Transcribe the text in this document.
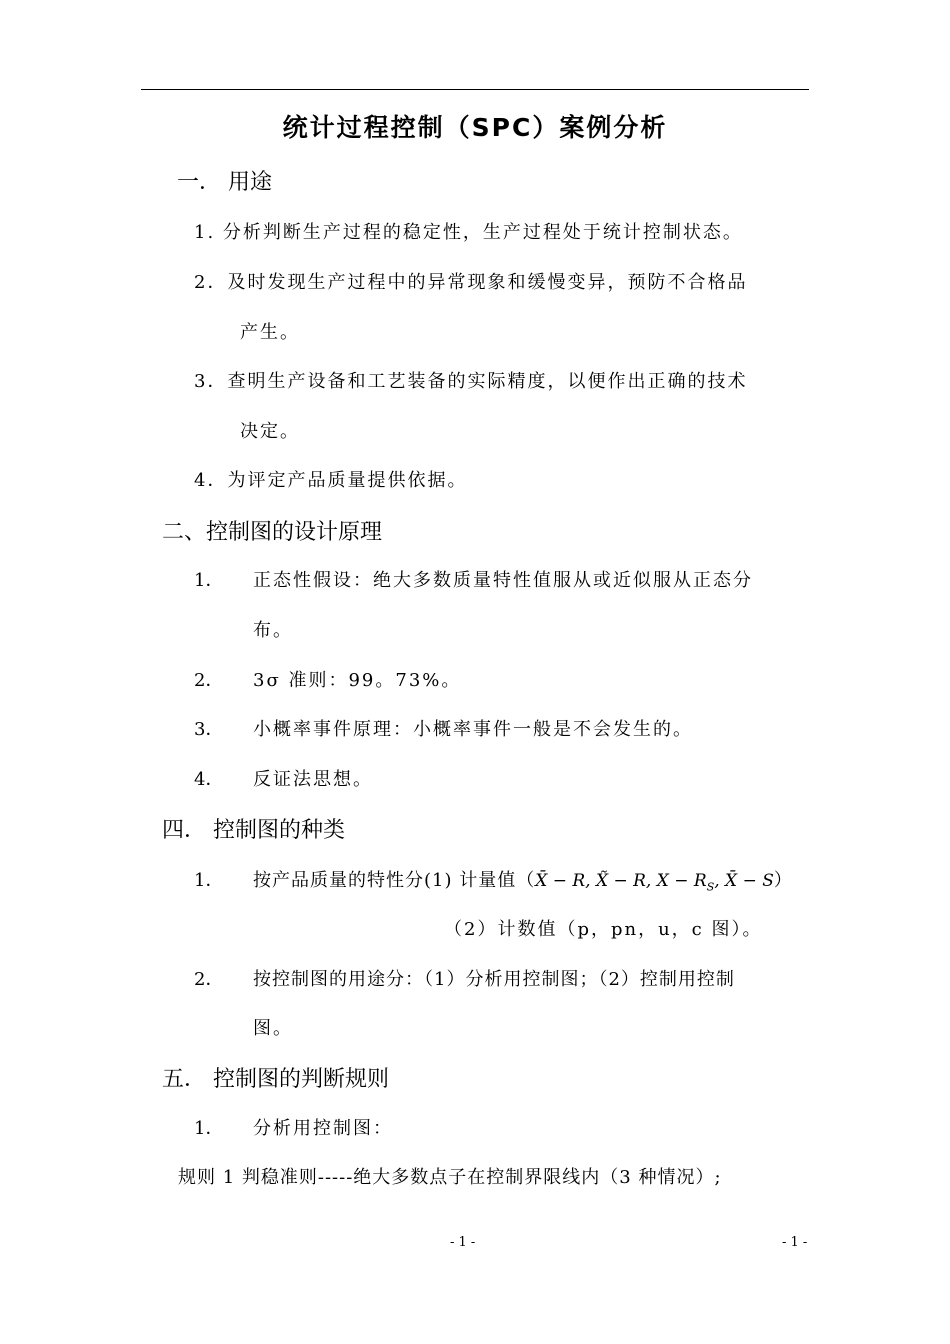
统计过程控制（SPC）案例分析
一． 用途
1. 分析判断生产过程的稳定性，生产过程处于统计控制状态。
2．及时发现生产过程中的异常现象和缓慢变异，预防不合格品
产生。
3．查明生产设备和工艺装备的实际精度，以便作出正确的技术
决定。
4．为评定产品质量提供依据。
二、控制图的设计原理
1． 正态性假设：绝大多数质量特性值服从或近似服从正态分
布。
2． 3σ 准则：99。73%。
3． 小概率事件原理：小概率事件一般是不会发生的。
4． 反证法思想。
四． 控制图的种类
1． 按产品质量的特性分(1) 计量值（X̄ − R, X̃ − R, $X - R_S$, X̄ − S）
（2）计数值（p，pn，u，c 图）。
2． 按控制图的用途分：（1）分析用控制图；（2）控制用控制
图。
五． 控制图的判断规则
1． 分析用控制图：
规则 1 判稳准则-----绝大多数点子在控制界限线内（3 种情况）;
- 1 -	- 1 -
